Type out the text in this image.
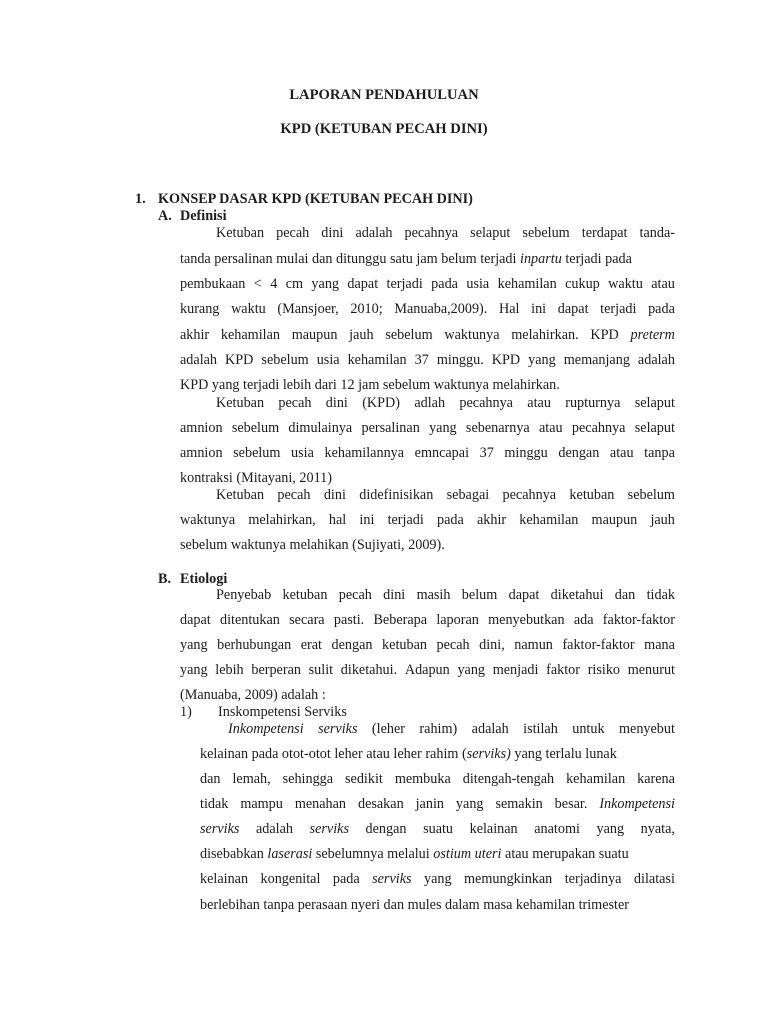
LAPORAN PENDAHULUAN
KPD (KETUBAN PECAH DINI)
1. KONSEP DASAR KPD (KETUBAN PECAH DINI)
A. Definisi
Ketuban pecah dini adalah pecahnya selaput sebelum terdapat tanda-
tanda persalinan mulai dan ditunggu satu jam belum terjadi inpartu terjadi pada
pembukaan < 4 cm yang dapat terjadi pada usia kehamilan cukup waktu atau
kurang waktu (Mansjoer, 2010; Manuaba,2009). Hal ini dapat terjadi pada
akhir kehamilan maupun jauh sebelum waktunya melahirkan. KPD preterm
adalah KPD sebelum usia kehamilan 37 minggu. KPD yang memanjang adalah
KPD yang terjadi lebih dari 12 jam sebelum waktunya melahirkan.
Ketuban pecah dini (KPD) adlah pecahnya atau rupturnya selaput
amnion sebelum dimulainya persalinan yang sebenarnya atau pecahnya selaput
amnion sebelum usia kehamilannya emncapai 37 minggu dengan atau tanpa
kontraksi (Mitayani, 2011)
Ketuban pecah dini didefinisikan sebagai pecahnya ketuban sebelum
waktunya melahirkan, hal ini terjadi pada akhir kehamilan maupun jauh
sebelum waktunya melahikan (Sujiyati, 2009).
B. Etiologi
Penyebab ketuban pecah dini masih belum dapat diketahui dan tidak
dapat ditentukan secara pasti. Beberapa laporan menyebutkan ada faktor-faktor
yang berhubungan erat dengan ketuban pecah dini, namun faktor-faktor mana
yang lebih berperan sulit diketahui. Adapun yang menjadi faktor risiko menurut
(Manuaba, 2009) adalah :
1) Inskompetensi Serviks
Inkompetensi serviks (leher rahim) adalah istilah untuk menyebut
kelainan pada otot-otot leher atau leher rahim (serviks) yang terlalu lunak
dan lemah, sehingga sedikit membuka ditengah-tengah kehamilan karena
tidak mampu menahan desakan janin yang semakin besar. Inkompetensi
serviks adalah serviks dengan suatu kelainan anatomi yang nyata,
disebabkan laserasi sebelumnya melalui ostium uteri atau merupakan suatu
kelainan kongenital pada serviks yang memungkinkan terjadinya dilatasi
berlebihan tanpa perasaan nyeri dan mules dalam masa kehamilan trimester
